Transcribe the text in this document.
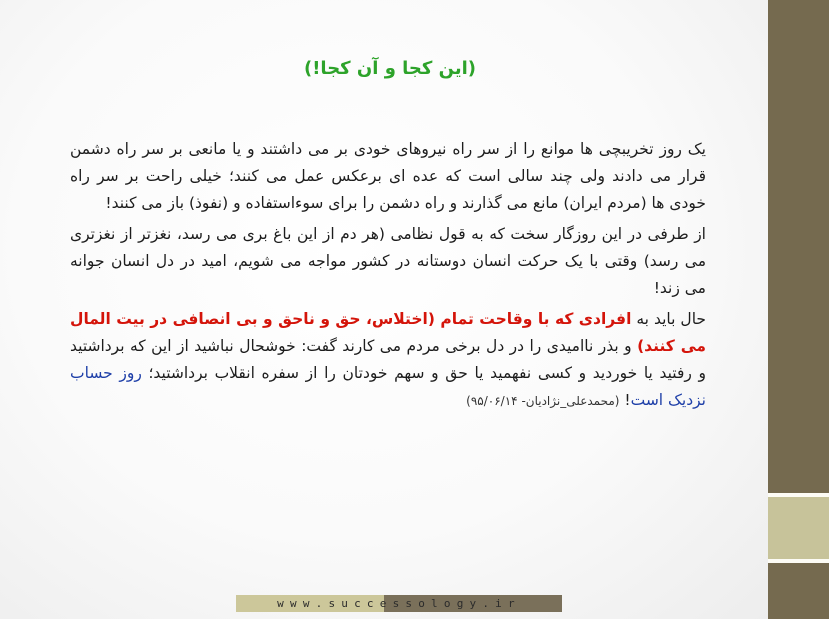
(این کجا و آن کجا!)

یک روز تخریبچی ها موانع را از سر راه نیروهای خودی بر می داشتند و یا مانعی بر سر راه دشمن قرار می دادند ولی چند سالی است که عده ای برعکس عمل می کنند؛ خیلی راحت بر سر راه خودی ها (مردم ایران) مانع می گذارند و راه دشمن را برای سوءاستفاده و (نفوذ) باز می کنند!

از طرفی در این روزگار سخت که به قول نظامی (هر دم از این باغ بری می رسد، نغزتر از نغزتری می رسد) وقتی با یک حرکت انسان دوستانه در کشور مواجه می شویم، امید در دل انسان جوانه می زند!

حال باید به افرادی که با وقاحت تمام (اختلاس، حق و ناحق و بی انصافی در بیت المال می کنند) و بذر ناامیدی را در دل برخی مردم می کارند گفت: خوشحال نباشید از این که برداشتید و رفتید یا خوردید و کسی نفهمید یا حق و سهم خودتان را از سفره انقلاب برداشتید؛ روز حساب نزدیک است! (محمدعلی_نژادیان- ۹۵/۰۶/۱۴)

www.successology.ir
